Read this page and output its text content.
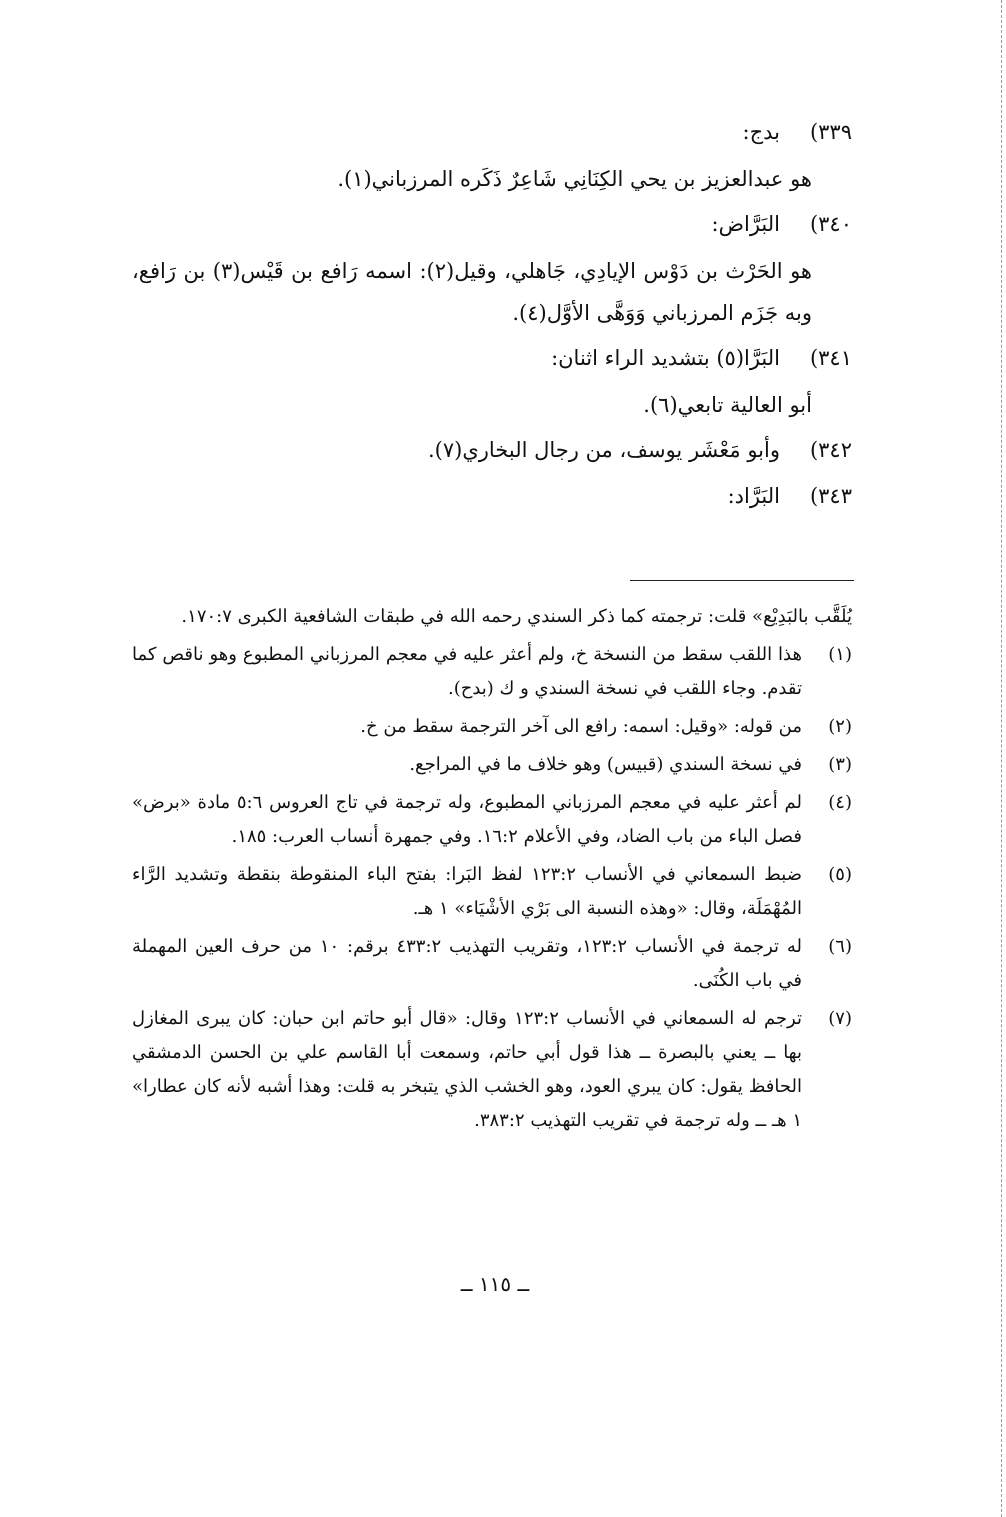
٣٣٩)
بدج:
هو عبدالعزيز بن يحي الكِنَانِي شَاعِرٌ ذَكَره المرزباني(١).
٣٤٠)
البَرَّاض:
هو الحَرْث بن دَوْس الإيادِي، جَاهلي، وقيل(٢): اسمه رَافع بن قَيْس(٣) بن رَافع، وبه جَزَم المرزباني وَوَهَّى الأوَّل(٤).
٣٤١)
البَرَّا(٥) بتشديد الراء اثنان:
أبو العالية تابعي(٦).
٣٤٢)
وأبو مَعْشَر يوسف، من رجال البخاري(٧).
٣٤٣)
البَرَّاد:
يُلَقَّب بالبَدِيْع» قلت: ترجمته كما ذكر السندي رحمه الله في طبقات الشافعية الكبرى ١٧٠:٧.
(١)
هذا اللقب سقط من النسخة خ، ولم أعثر عليه في معجم المرزباني المطبوع وهو ناقص كما تقدم. وجاء اللقب في نسخة السندي و ك (بدح).
(٢)
من قوله: «وقيل: اسمه: رافع الى آخر الترجمة سقط من خ.
(٣)
في نسخة السندي (قبيس) وهو خلاف ما في المراجع.
(٤)
لم أعثر عليه في معجم المرزباني المطبوع، وله ترجمة في تاج العروس ٥:٦ مادة «برض» فصل الباء من باب الضاد، وفي الأعلام ١٦:٢. وفي جمهرة أنساب العرب: ١٨٥.
(٥)
ضبط السمعاني في الأنساب ١٢٣:٢ لفظ البَرا: بفتح الباء المنقوطة بنقطة وتشديد الرَّاء المُهْمَلَة، وقال: «وهذه النسبة الى بَرْي الأشْيَاء» ١ هـ.
(٦)
له ترجمة في الأنساب ١٢٣:٢، وتقريب التهذيب ٤٣٣:٢ برقم: ١٠ من حرف العين المهملة في باب الكُنَى.
(٧)
ترجم له السمعاني في الأنساب ١٢٣:٢ وقال: «قال أبو حاتم ابن حبان: كان يبرى المغازل بها ــ يعني بالبصرة ــ هذا قول أبي حاتم، وسمعت أبا القاسم علي بن الحسن الدمشقي الحافظ يقول: كان يبري العود، وهو الخشب الذي يتبخر به قلت: وهذا أشبه لأنه كان عطارا» ١ هـ ــ وله ترجمة في تقريب التهذيب ٣٨٣:٢.
ــ ١١٥ ــ
